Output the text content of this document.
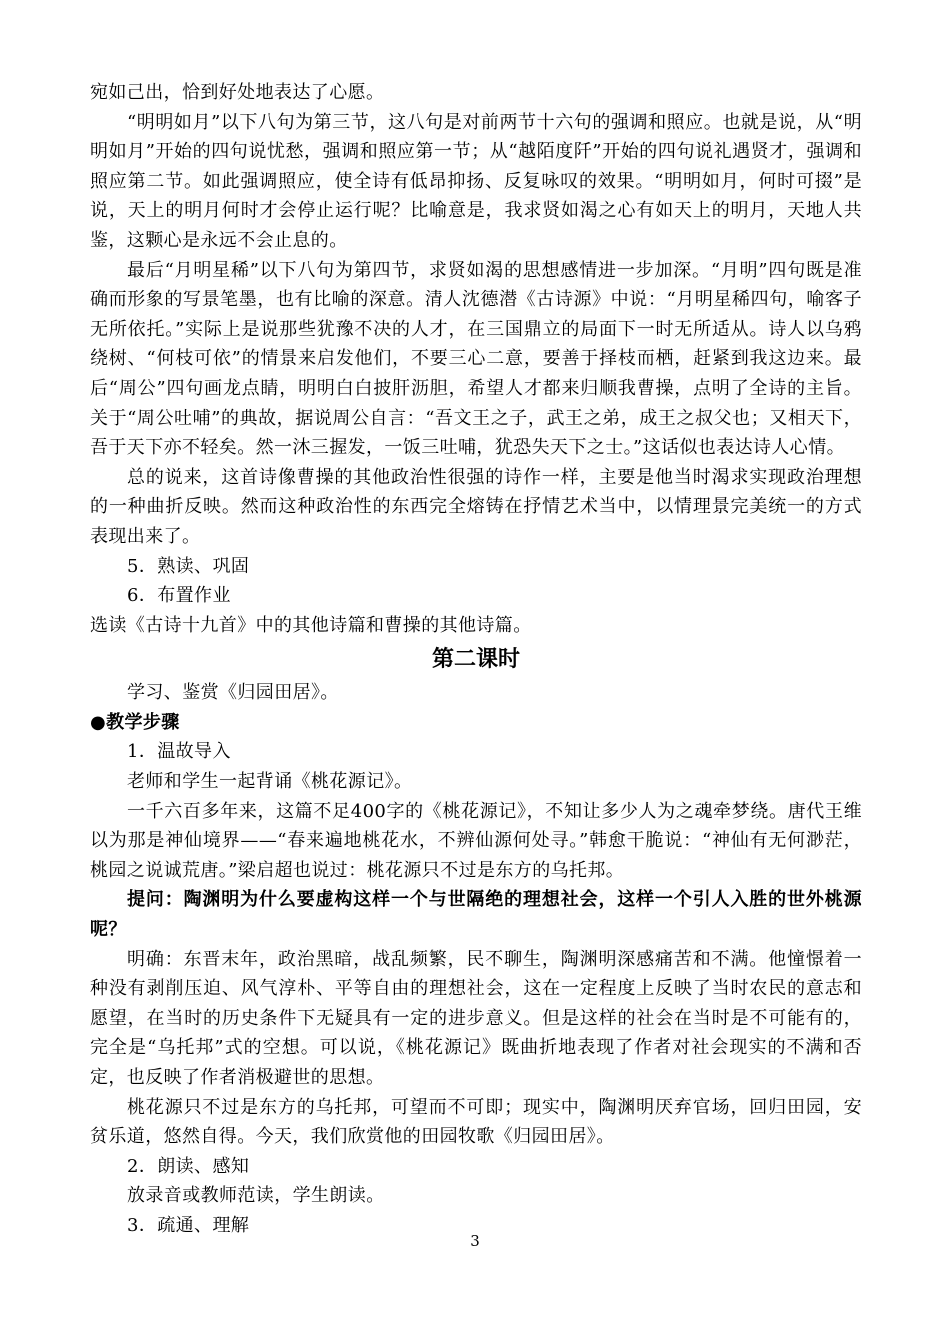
宛如己出，恰到好处地表达了心愿。

“明明如月”以下八句为第三节，这八句是对前两节十六句的强调和照应。也就是说，从“明明如月”开始的四句说忧愁，强调和照应第一节；从“越陌度阡”开始的四句说礼遇贤才，强调和照应第二节。如此强调照应，使全诗有低昂抑扬、反复咏叹的效果。“明明如月，何时可掇”是说，天上的明月何时才会停止运行呢？比喻意是，我求贤如渴之心有如天上的明月，天地人共鉴，这颗心是永远不会止息的。

最后“月明星稀”以下八句为第四节，求贤如渴的思想感情进一步加深。“月明”四句既是准确而形象的写景笔墨，也有比喻的深意。清人沈德潜《古诗源》中说：“月明星稀四句，喻客子无所依托。”实际上是说那些犹豫不决的人才，在三国鼎立的局面下一时无所适从。诗人以乌鸦绕树、“何枝可依”的情景来启发他们，不要三心二意，要善于择枝而栖，赶紧到我这边来。最后“周公”四句画龙点睛，明明白白披肝沥胆，希望人才都来归顺我曹操，点明了全诗的主旨。关于“周公吐哺”的典故，据说周公自言：“吾文王之子，武王之弟，成王之叔父也；又相天下，吾于天下亦不轻矣。然一沐三握发，一饭三吐哺，犹恐失天下之士。”这话似也表达诗人心情。

总的说来，这首诗像曹操的其他政治性很强的诗作一样，主要是他当时渴求实现政治理想的一种曲折反映。然而这种政治性的东西完全熔铸在抒情艺术当中，以情理景完美统一的方式表现出来了。

5．熟读、巩固

6．布置作业

选读《古诗十九首》中的其他诗篇和曹操的其他诗篇。

第二课时

学习、鉴赏《归园田居》。

●教学步骤

1．温故导入

老师和学生一起背诵《桃花源记》。

一千六百多年来，这篇不足400字的《桃花源记》，不知让多少人为之魂牵梦绕。唐代王维以为那是神仙境界——“春来遍地桃花水，不辨仙源何处寻。”韩愈干脆说：“神仙有无何渺茫，桃园之说诚荒唐。”梁启超也说过：桃花源只不过是东方的乌托邦。

提问：陶渊明为什么要虚构这样一个与世隔绝的理想社会，这样一个引人入胜的世外桃源呢？

明确：东晋末年，政治黑暗，战乱频繁，民不聊生，陶渊明深感痛苦和不满。他憧憬着一种没有剥削压迫、风气淳朴、平等自由的理想社会，这在一定程度上反映了当时农民的意志和愿望，在当时的历史条件下无疑具有一定的进步意义。但是这样的社会在当时是不可能有的，完全是“乌托邦”式的空想。可以说，《桃花源记》既曲折地表现了作者对社会现实的不满和否定，也反映了作者消极避世的思想。

桃花源只不过是东方的乌托邦，可望而不可即；现实中，陶渊明厌弃官场，回归田园，安贫乐道，悠然自得。今天，我们欣赏他的田园牧歌《归园田居》。

2．朗读、感知

放录音或教师范读，学生朗读。

3．疏通、理解

3
